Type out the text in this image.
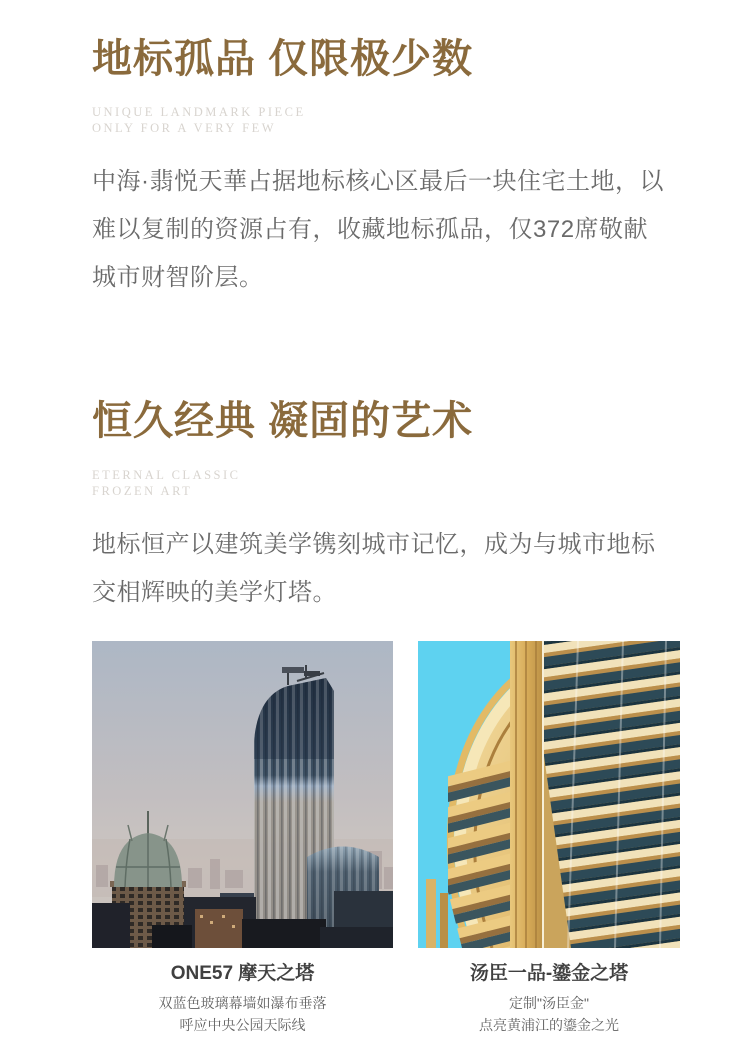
地标孤品 仅限极少数
UNIQUE LANDMARK PIECE
ONLY FOR A VERY FEW

中海·翡悦天華占据地标核心区最后一块住宅土地，以难以复制的资源占有，收藏地标孤品，仅372席敬献城市财智阶层。

恒久经典 凝固的艺术
ETERNAL CLASSIC
FROZEN ART

地标恒产以建筑美学镌刻城市记忆，成为与城市地标交相辉映的美学灯塔。

ONE57 摩天之塔
双蓝色玻璃幕墙如瀑布垂落
呼应中央公园天际线
汤臣一品-鎏金之塔
定制"汤臣金"
点亮黄浦江的鎏金之光
